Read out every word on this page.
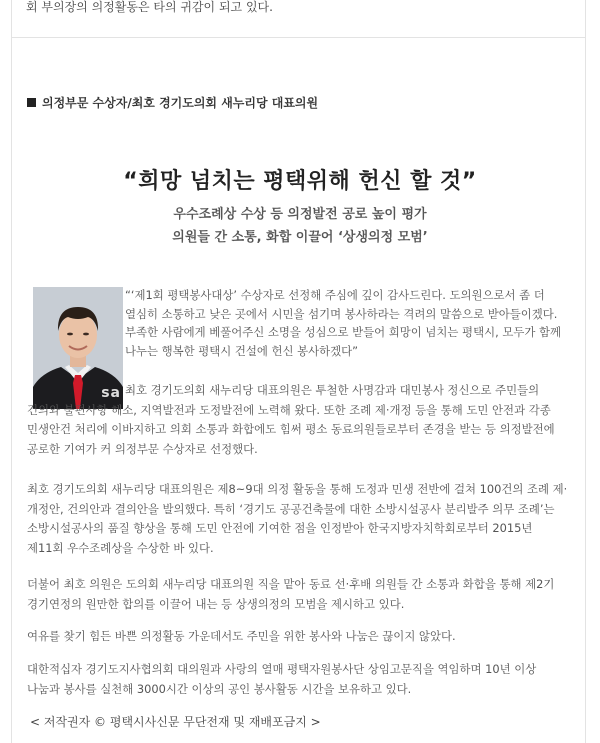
회 부의장의 의정활동은 타의 귀감이 되고 있다.
의정부문 수상자/최호 경기도의회 새누리당 대표의원
“희망 넘치는 평택위해 헌신 할 것”
우수조례상 수상 등 의정발전 공로 높이 평가
의원들 간 소통, 화합 이끌어 ‘상생의정 모범’
sa
“‘제1회 평택봉사대상’ 수상자로 선정해 주심에 깊이 감사드린다. 도의원으로서 좀 더 열심히 소통하고 낮은 곳에서 시민을 섬기며 봉사하라는 격려의 말씀으로 받아들이겠다. 부족한 사람에게 베풀어주신 소명을 성심으로 받들어 희망이 넘치는 평택시, 모두가 함께 나누는 행복한 평택시 건설에 헌신 봉사하겠다”
최호 경기도의회 새누리당 대표의원은 투철한 사명감과 대민봉사 정신으로 주민들의
건의와 불편사항 해소, 지역발전과 도정발전에 노력해 왔다. 또한 조례 제·개정 등을 통해 도민 안전과 각종 민생안건 처리에 이바지하고 의회 소통과 화합에도 힘써 평소 동료의원들로부터 존경을 받는 등 의정발전에 공로한 기여가 커 의정부문 수상자로 선정했다.
최호 경기도의회 새누리당 대표의원은 제8~9대 의정 활동을 통해 도정과 민생 전반에 걸쳐 100건의 조례 제·개정안, 건의안과 결의안을 발의했다. 특히 ‘경기도 공공건축물에 대한 소방시설공사 분리발주 의무 조례’는 소방시설공사의 품질 향상을 통해 도민 안전에 기여한 점을 인정받아 한국지방자치학회로부터 2015년 제11회 우수조례상을 수상한 바 있다.
더불어 최호 의원은 도의회 새누리당 대표의원 직을 맡아 동료 선·후배 의원들 간 소통과 화합을 통해 제2기 경기연정의 원만한 합의를 이끌어 내는 등 상생의정의 모범을 제시하고 있다.
여유를 찾기 힘든 바쁜 의정활동 가운데서도 주민을 위한 봉사와 나눔은 끊이지 않았다.
대한적십자 경기도지사협의회 대의원과 사랑의 열매 평택자원봉사단 상임고문직을 역임하며 10년 이상 나눔과 봉사를 실천해 3000시간 이상의 공인 봉사활동 시간을 보유하고 있다.
< 저작권자 © 평택시사신문 무단전재 및 재배포금지 >
